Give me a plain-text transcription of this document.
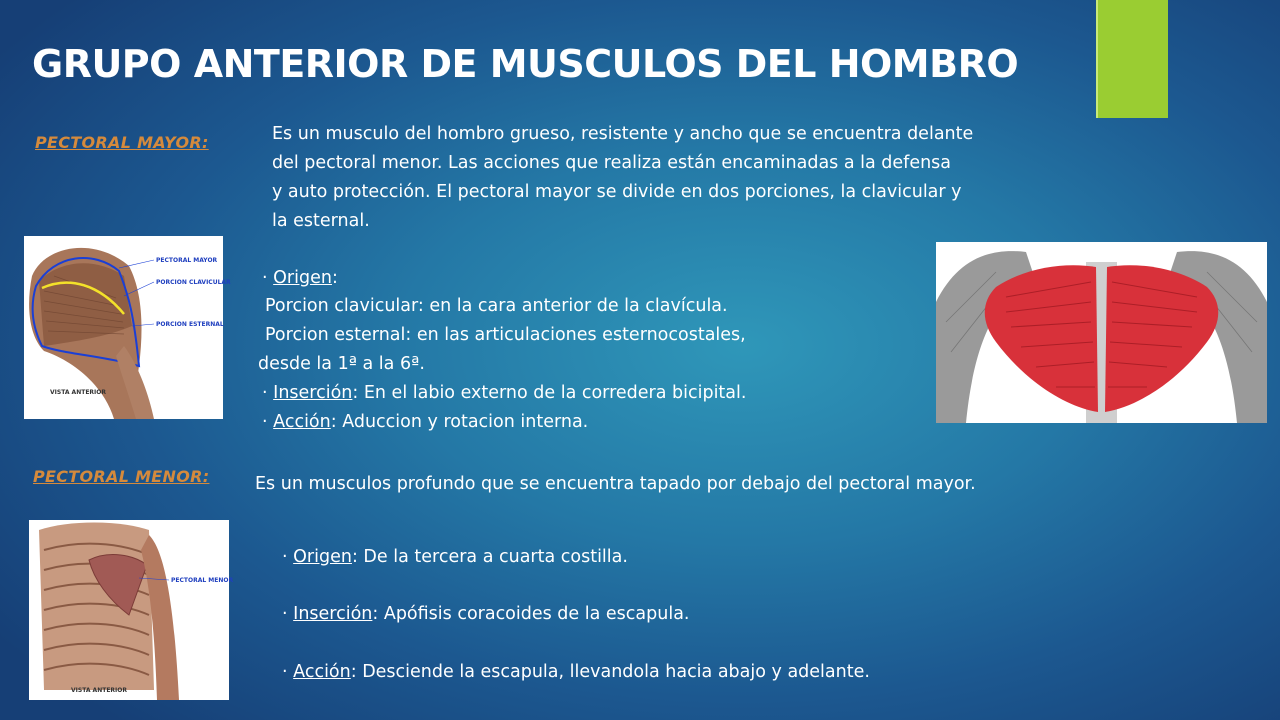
GRUPO ANTERIOR DE MUSCULOS DEL HOMBRO
PECTORAL MAYOR:	Es un musculo del hombro grueso, resistente y ancho que se encuentra delante
del pectoral menor. Las acciones que realiza están encaminadas a la defensa
y auto protección. El pectoral mayor se divide en dos porciones, la clavicular y
la esternal.
PECTORAL MAYOR
PORCION CLAVICULAR
PORCION ESTERNAL
VISTA ANTERIOR
· Origen:
Porcion clavicular: en la cara anterior de la clavícula.
Porcion esternal: en las articulaciones esternocostales,
desde la 1ª a la 6ª.
· Inserción: En el labio externo de la corredera bicipital.
· Acción: Aduccion y rotacion interna.
PECTORAL MENOR:	Es un musculos profundo que se encuentra tapado por debajo del pectoral mayor.
PECTORAL MENOR
VISTA ANTERIOR
· Origen: De la tercera a cuarta costilla.
· Inserción: Apófisis coracoides de la escapula.
· Acción: Desciende la escapula, llevandola hacia abajo y adelante.
